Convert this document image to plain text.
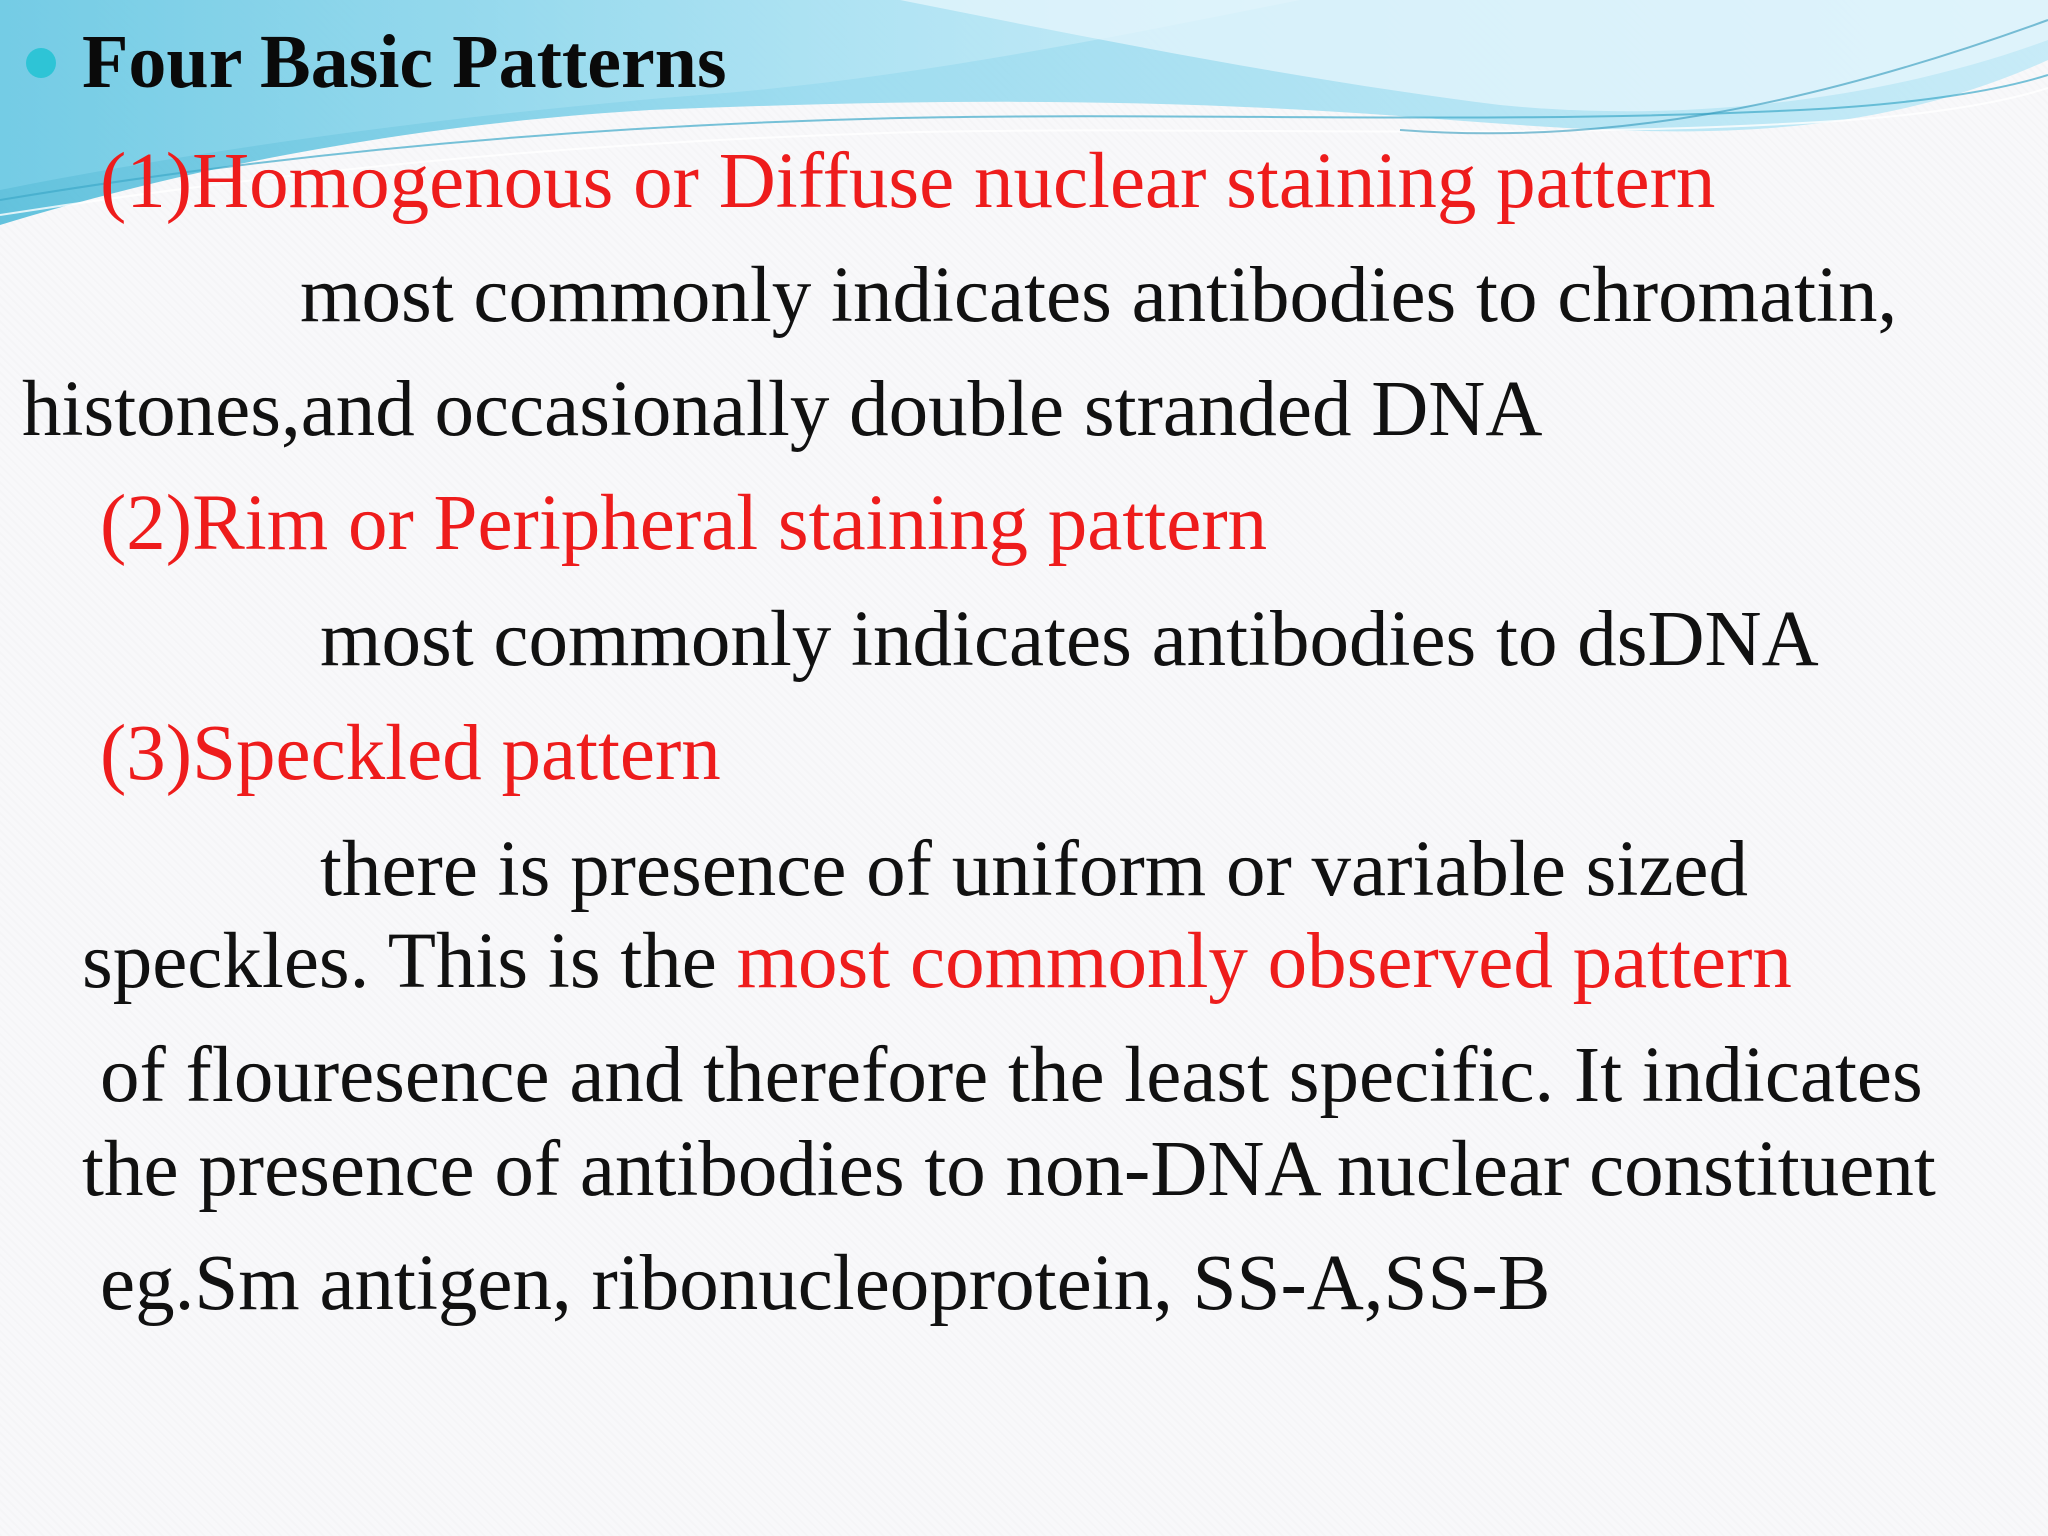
Four Basic Patterns
(1)Homogenous or Diffuse nuclear staining pattern
most commonly indicates antibodies to chromatin,
histones,and occasionally double stranded DNA
(2)Rim or Peripheral staining pattern
most commonly indicates antibodies to dsDNA
(3)Speckled pattern
there is presence of uniform or variable sized
speckles. This is the most commonly observed pattern
of flouresence and therefore the least specific. It indicates
the presence of antibodies to non-DNA nuclear constituent
eg.Sm antigen, ribonucleoprotein, SS-A,SS-B
